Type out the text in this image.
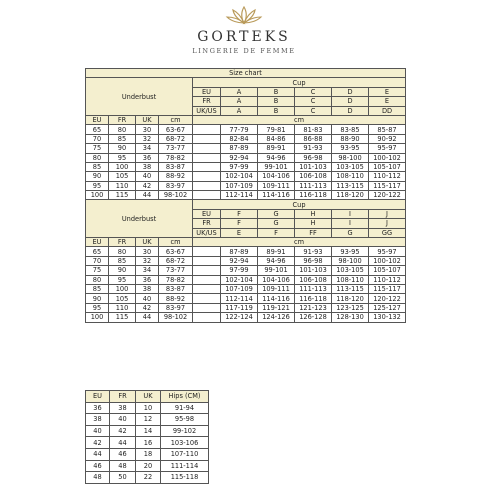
GORTEKS
LINGERIE DE FEMME
Size chart									
Underbust				Cup					
				EU	A	B	C	D	E
				FR	A	B	C	D	E
				UK/US	A	B	C	D	DD
EU	FR	UK	cm	cm					
65	80	30	63-67		77-79	79-81	81-83	83-85	85-87
70	85	32	68-72		82-84	84-86	86-88	88-90	90-92
75	90	34	73-77		87-89	89-91	91-93	93-95	95-97
80	95	36	78-82		92-94	94-96	96-98	98-100	100-102
85	100	38	83-87		97-99	99-101	101-103	103-105	105-107
90	105	40	88-92		102-104	104-106	106-108	108-110	110-112
95	110	42	83-97		107-109	109-111	111-113	113-115	115-117
100	115	44	98-102		112-114	114-116	116-118	118-120	120-122
Underbust				Cup					
				EU	F	G	H	I	J
				FR	F	G	H	I	J
				UK/US	E	F	FF	G	GG
EU	FR	UK	cm	cm					
65	80	30	63-67		87-89	89-91	91-93	93-95	95-97
70	85	32	68-72		92-94	94-96	96-98	98-100	100-102
75	90	34	73-77		97-99	99-101	101-103	103-105	105-107
80	95	36	78-82		102-104	104-106	106-108	108-110	110-112
85	100	38	83-87		107-109	109-111	111-113	113-115	115-117
90	105	40	88-92		112-114	114-116	116-118	118-120	120-122
95	110	42	83-97		117-119	119-121	121-123	123-125	125-127
100	115	44	98-102		122-124	124-126	126-128	128-130	130-132
EU	FR	UK	Hips (CM)
36	38	10	91-94
38	40	12	95-98
40	42	14	99-102
42	44	16	103-106
44	46	18	107-110
46	48	20	111-114
48	50	22	115-118
